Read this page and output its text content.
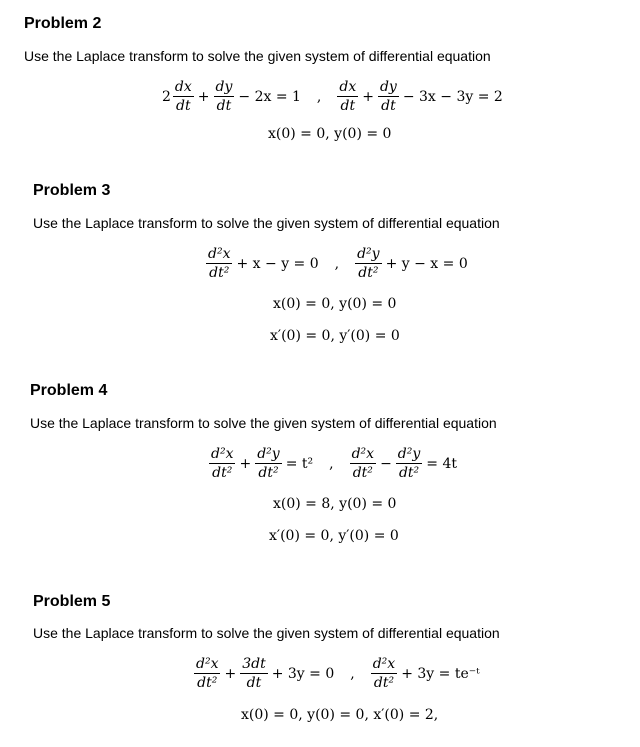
Problem 2
Use the Laplace transform to solve the given system of differential equation
$2 \frac{dx}{dt} + \frac{dy}{dt} - 2x = 1$ , $\frac{dx}{dt} + \frac{dy}{dt} - 3x - 3y = 2$
x(0) = 0, y(0) = 0
Problem 3
Use the Laplace transform to solve the given system of differential equation
$\frac{\text{d²x}}{\text{dt²}} + x - y = 0$ , $\frac{\text{d²y}}{\text{dt²}} + y - x = 0$
x(0) = 0, y(0) = 0
x′(0) = 0, y′(0) = 0
Problem 4
Use the Laplace transform to solve the given system of differential equation
$\frac{\text{d²x}}{\text{dt²}} + \frac{\text{d²y}}{\text{dt²}} = t^2$ , $\frac{\text{d²x}}{\text{dt²}} - \frac{\text{d²y}}{\text{dt²}} = 4t$
x(0) = 8, y(0) = 0
x′(0) = 0, y′(0) = 0
Problem 5
Use the Laplace transform to solve the given system of differential equation
$\frac{\text{d²x}}{\text{dt²}} + \frac{3dt}{dt} + 3y = 0$ , $\frac{\text{d²x}}{\text{dt²}} + 3y$ = te⁻ᵗ
x(0) = 0, y(0) = 0, x′(0) = 2,
